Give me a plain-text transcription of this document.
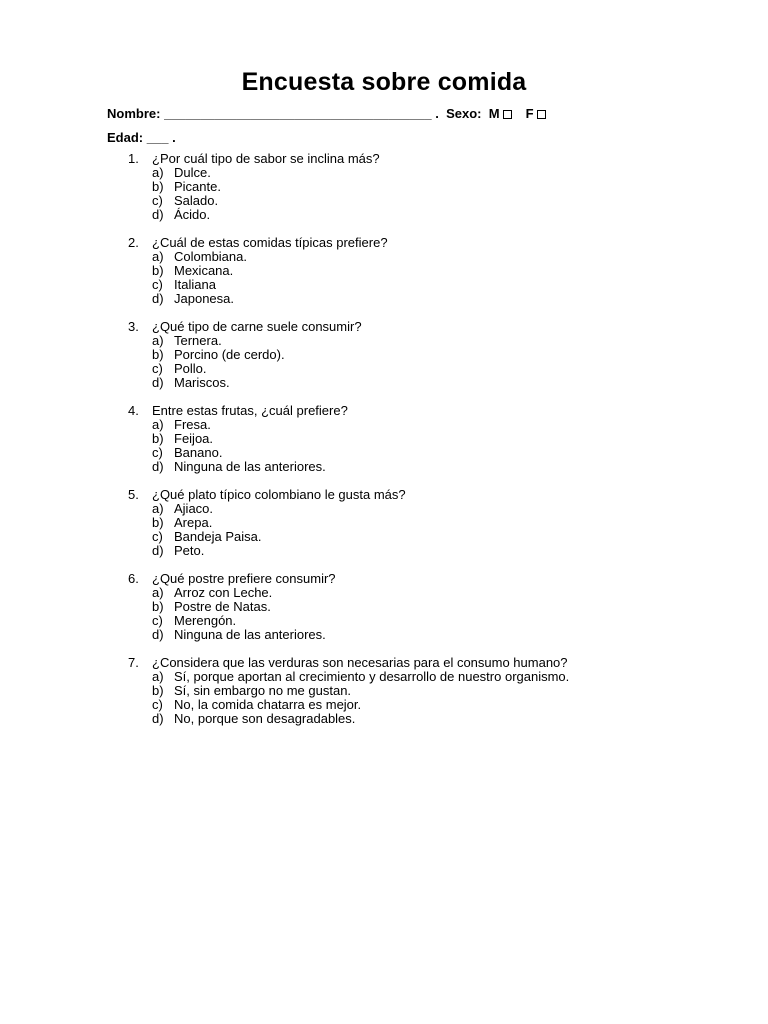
Encuesta sobre comida
Nombre: _____________________________________ . Sexo: M F
Edad: ___ .
1.	¿Por cuál tipo de sabor se inclina más?
a) Dulce.
b) Picante.
c) Salado.
d) Ácido.
2.	¿Cuál de estas comidas típicas prefiere?
a) Colombiana.
b) Mexicana.
c) Italiana
d) Japonesa.
3.	¿Qué tipo de carne suele consumir?
a) Ternera.
b) Porcino (de cerdo).
c) Pollo.
d) Mariscos.
4.	Entre estas frutas, ¿cuál prefiere?
a) Fresa.
b) Feijoa.
c) Banano.
d) Ninguna de las anteriores.
5.	¿Qué plato típico colombiano le gusta más?
a) Ajiaco.
b) Arepa.
c) Bandeja Paisa.
d) Peto.
6.	¿Qué postre prefiere consumir?
a) Arroz con Leche.
b) Postre de Natas.
c) Merengón.
d) Ninguna de las anteriores.
7.	¿Considera que las verduras son necesarias para el consumo humano?
a) Sí, porque aportan al crecimiento y desarrollo de nuestro organismo.
b) Sí, sin embargo no me gustan.
c) No, la comida chatarra es mejor.
d) No, porque son desagradables.
